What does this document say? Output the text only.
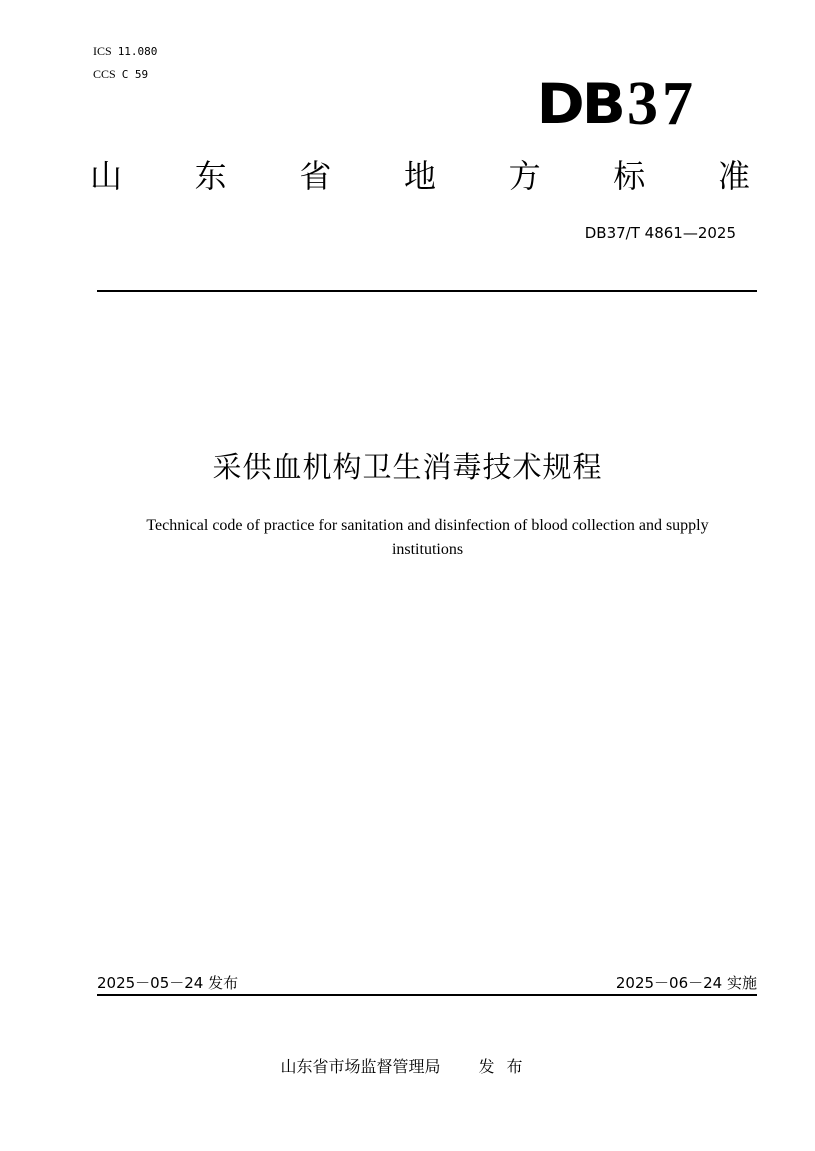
ICS 11.080
CCS C 59	DB 37
山 东 省 地 方 标 准
DB37/T 4861—2025
采供血机构卫生消毒技术规程
Technical code of practice for sanitation and disinfection of blood collection and supply institutions
2025－05－24 发布	2025－06－24 实施
山东省市场监督管理局 发布
